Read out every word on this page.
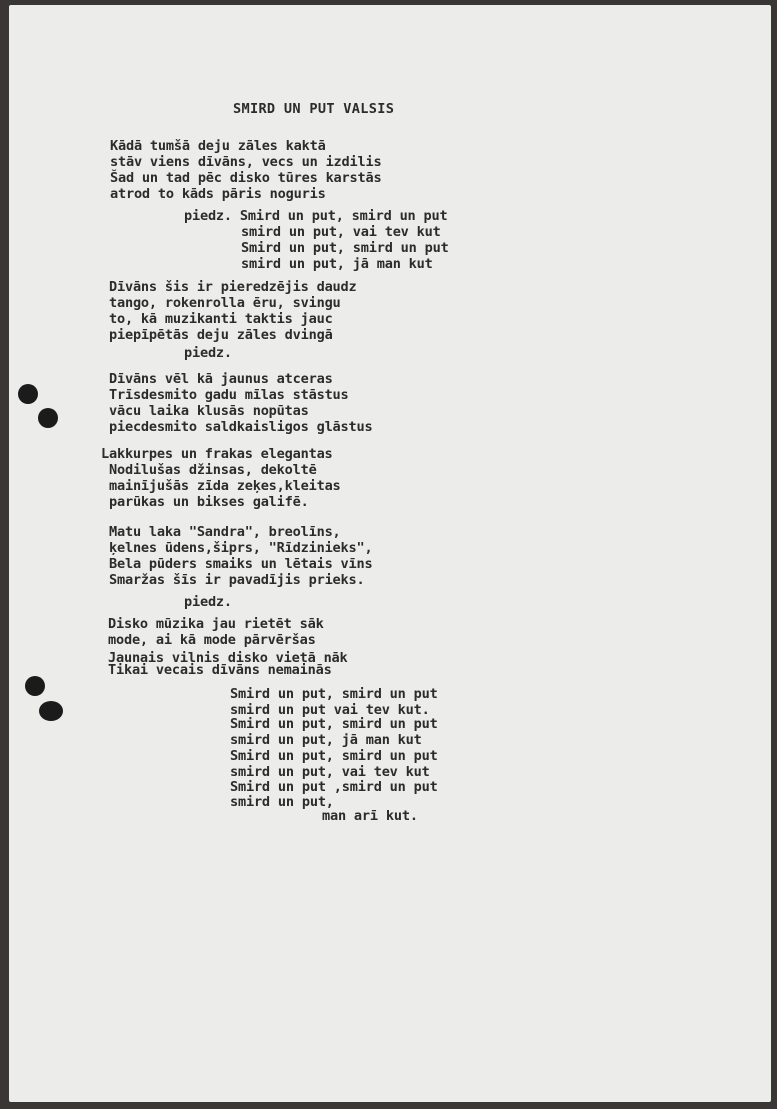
SMIRD UN PUT VALSIS

Kādā tumšā deju zāles kaktā

stāv viens dīvāns, vecs un izdilis

Šad un tad pēc disko tūres karstās

atrod to kāds pāris noguris

piedz. Smird un put, smird un put

smird un put, vai tev kut

Smird un put, smird un put

smird un put, jā man kut

Dīvāns šis ir pieredzējis daudz

tango, rokenrolla ēru, svingu

to, kā muzikanti taktis jauc

piepīpētās deju zāles dvingā

piedz.

Dīvāns vēl kā jaunus atceras

Trīsdesmito gadu mīlas stāstus

vācu laika klusās nopūtas

piecdesmito saldkaisligos glāstus

Lakkurpes un frakas elegantas

Nodilušas džinsas, dekoltē

mainījušās zīda zeķes,kleitas

parūkas un bikses galifē.

Matu laka "Sandra", breolīns,

ķelnes ūdens,šiprs, "Rīdzinieks",

Bela pūders smaiks un lētais vīns

Smaržas šīs ir pavadījis prieks.

piedz.

Disko mūzika jau rietēt sāk

mode, ai kā mode pārvēršas

Jaunais vilnis disko vietā nāk

Tikai vecais dīvāns nemainās

Smird un put, smird un put

smird un put vai tev kut.

Smird un put, smird un put

smird un put, jā man kut

Smird un put, smird un put

smird un put, vai tev kut

Smird un put ,smird un put

smird un put,

man arī kut.
